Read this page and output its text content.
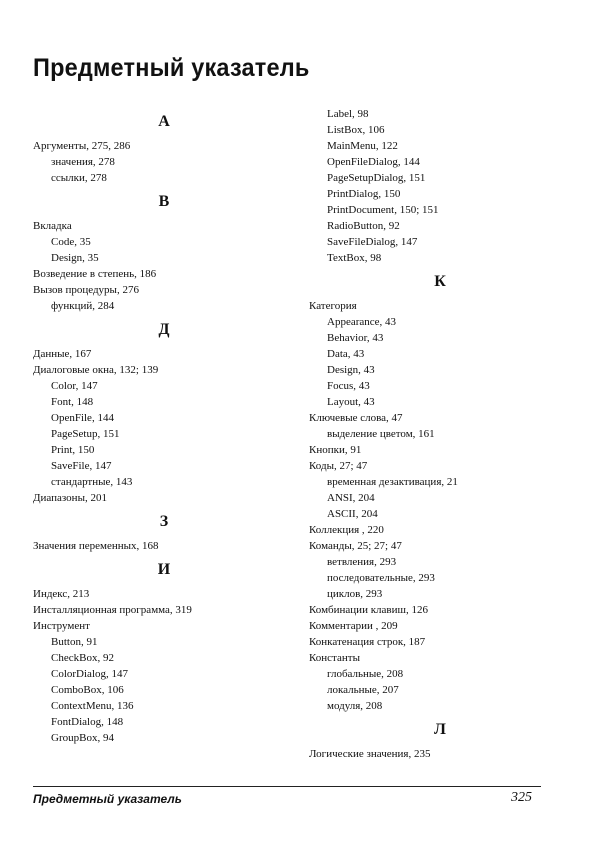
Предметный указатель
А
Аргументы, 275, 286
значения, 278
ссылки, 278
В
Вкладка
Code, 35
Design, 35
Возведение в степень, 186
Вызов процедуры, 276
функций, 284
Д
Данные, 167
Диалоговые окна, 132; 139
Color, 147
Font, 148
OpenFile, 144
PageSetup, 151
Print, 150
SaveFile, 147
стандартные, 143
Диапазоны, 201
З
Значения переменных, 168
И
Индекс, 213
Инсталляционная программа, 319
Инструмент
Button, 91
CheckBox, 92
ColorDialog, 147
ComboBox, 106
ContextMenu, 136
FontDialog, 148
GroupBox, 94
Label, 98
ListBox, 106
MainMenu, 122
OpenFileDialog, 144
PageSetupDialog, 151
PrintDialog, 150
PrintDocument, 150; 151
RadioButton, 92
SaveFileDialog, 147
TextBox, 98
К
Категория
Appearance, 43
Behavior, 43
Data, 43
Design, 43
Focus, 43
Layout, 43
Ключевые слова, 47
выделение цветом, 161
Кнопки, 91
Коды, 27; 47
временная дезактивация, 21
ANSI, 204
ASCII, 204
Коллекция , 220
Команды, 25; 27; 47
ветвления, 293
последовательные, 293
циклов, 293
Комбинации клавиш, 126
Комментарии , 209
Конкатенация строк, 187
Константы
глобальные, 208
локальные, 207
модуля, 208
Л
Логические значения, 235
Предметный указатель	325
